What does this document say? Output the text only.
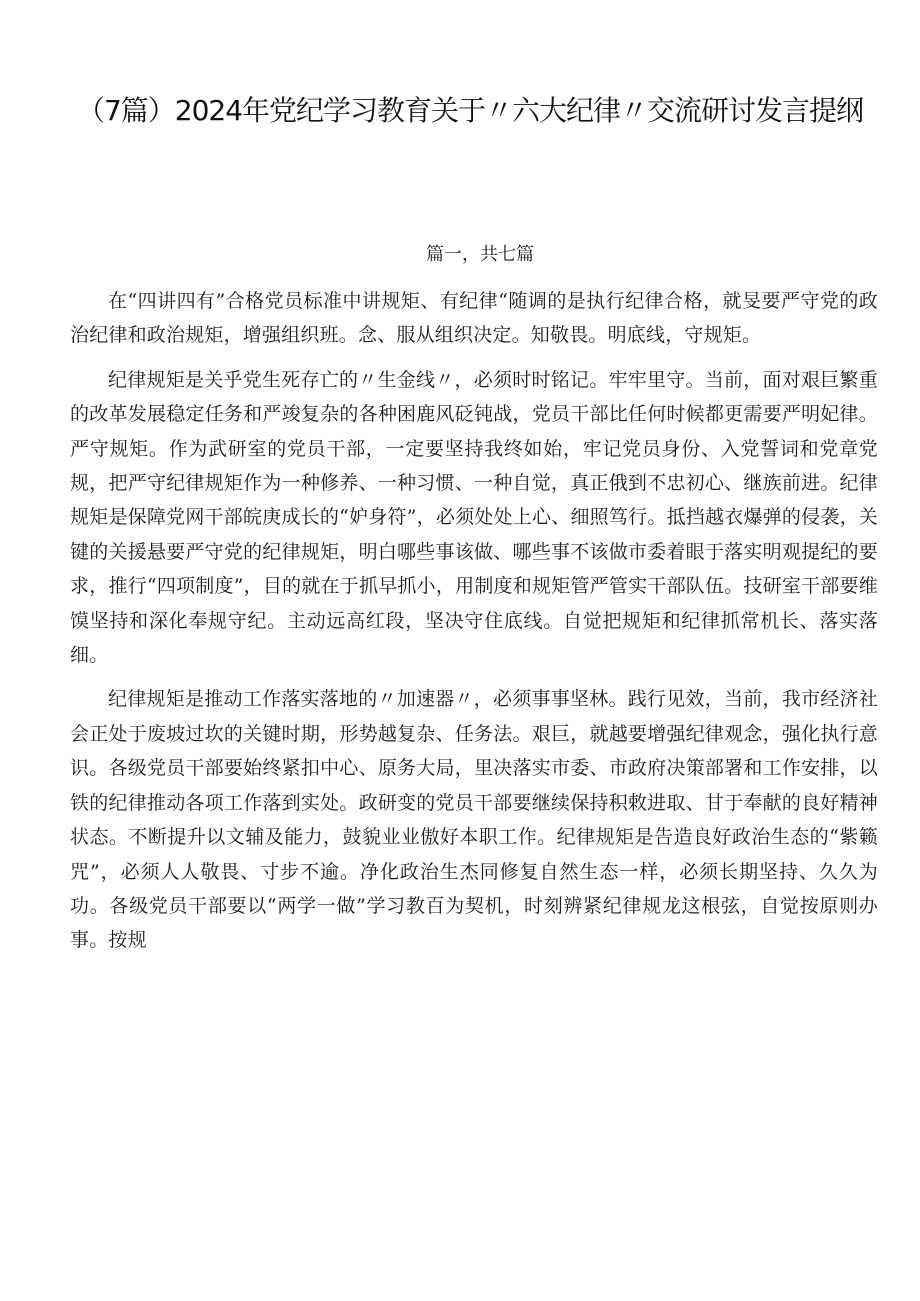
（7篇）2024年党纪学习教育关于〃六大纪律〃交流研讨发言提纲
篇一，共七篇

在“四讲四有”合格党员标准中讲规矩、有纪律“随调的是执行纪律合格，就旻要严守党的政治纪律和政治规矩，增强组织班。念、服从组织决定。知敬畏。明底线，守规矩。

纪律规矩是关乎党生死存亡的〃生金线〃，必须时时铭记。牢牢里守。当前，面对艰巨繁重的改革发展稳定任务和严竣复杂的各种困鹿风砭钝战，党员干部比任何时候都更需要严明妃律。严守规矩。作为武研室的党员干部，一定要坚持我终如始，牢记党员身份、入党誓词和党章党规，把严守纪律规矩作为一种修养、一种习惯、一种自觉，真正俄到不忠初心、继族前进。纪律规矩是保障党网干部皖庚成长的“妒身符”，必须处处上心、细照笃行。抵挡越衣爆弹的侵袭，关键的关援悬要严守党的纪律规矩，明白哪些事该做、哪些事不该做市委着眼于落实明观提纪的要求，推行“四项制度”，目的就在于抓早抓小，用制度和规矩管严管实干部队伍。技研室干部要维馍坚持和深化奉规守纪。主动远高红段，坚决守住底线。自觉把规矩和纪律抓常机长、落实落细。

纪律规矩是推动工作落实落地的〃加速器〃，必须事事坚林。践行见效，当前，我市经济社会正处于废坡过坎的关键时期，形势越复杂、任务法。艰巨，就越要增强纪律观念，强化执行意识。各级党员干部要始终紧扣中心、原务大局，里决落实市委、市政府决策部署和工作安排，以铁的纪律推动各项工作落到实处。政研变的党员干部要继续保持积敕进取、甘于奉献的良好精神状态。不断提升以文辅及能力，鼓貌业业傲好本职工作。纪律规矩是告造良好政治生态的“紫籁咒”，必须人人敬畏、寸步不逾。净化政治生杰同修复自然生态一样，必须长期坚持、久久为功。各级党员干部要以“两学一做”学习教百为契机，时刻辨紧纪律规龙这根弦，自觉按原则办事。按规
